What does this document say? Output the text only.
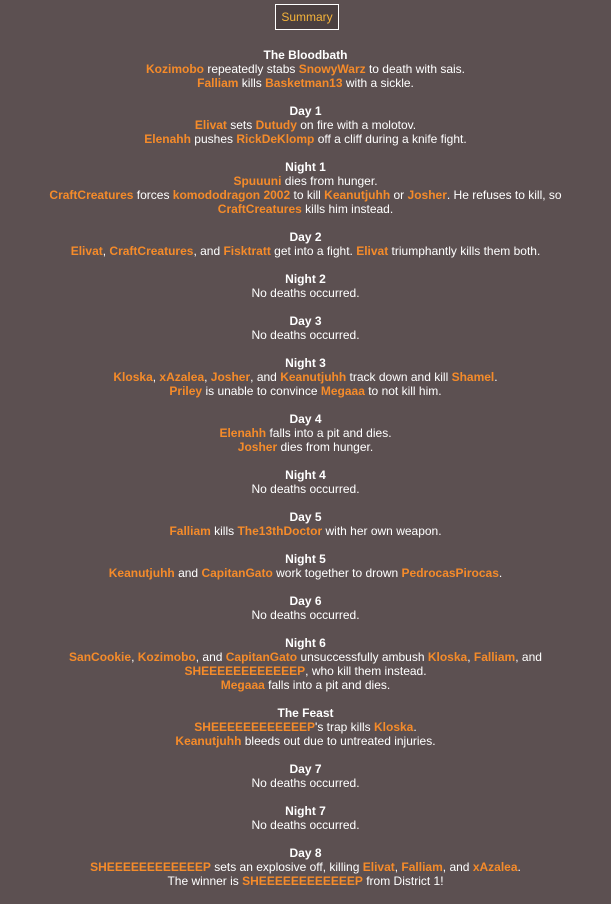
Summary
The Bloodbath
Kozimobo repeatedly stabs SnowyWarz to death with sais.
Falliam kills Basketman13 with a sickle.
Day 1
Elivat sets Dutudy on fire with a molotov.
Elenahh pushes RickDeKlomp off a cliff during a knife fight.
Night 1
Spuuuni dies from hunger.
CraftCreatures forces komododragon 2002 to kill Keanutjuhh or Josher. He refuses to kill, so
CraftCreatures kills him instead.
Day 2
Elivat, CraftCreatures, and Fisktratt get into a fight. Elivat triumphantly kills them both.
Night 2
No deaths occurred.
Day 3
No deaths occurred.
Night 3
Kloska, xAzalea, Josher, and Keanutjuhh track down and kill Shamel.
Priley is unable to convince Megaaa to not kill him.
Day 4
Elenahh falls into a pit and dies.
Josher dies from hunger.
Night 4
No deaths occurred.
Day 5
Falliam kills The13thDoctor with her own weapon.
Night 5
Keanutjuhh and CapitanGato work together to drown PedrocasPirocas.
Day 6
No deaths occurred.
Night 6
SanCookie, Kozimobo, and CapitanGato unsuccessfully ambush Kloska, Falliam, and
SHEEEEEEEEEEEEP, who kill them instead.
Megaaa falls into a pit and dies.
The Feast
SHEEEEEEEEEEEEP's trap kills Kloska.
Keanutjuhh bleeds out due to untreated injuries.
Day 7
No deaths occurred.
Night 7
No deaths occurred.
Day 8
SHEEEEEEEEEEEEP sets an explosive off, killing Elivat, Falliam, and xAzalea.
The winner is SHEEEEEEEEEEEEP from District 1!
